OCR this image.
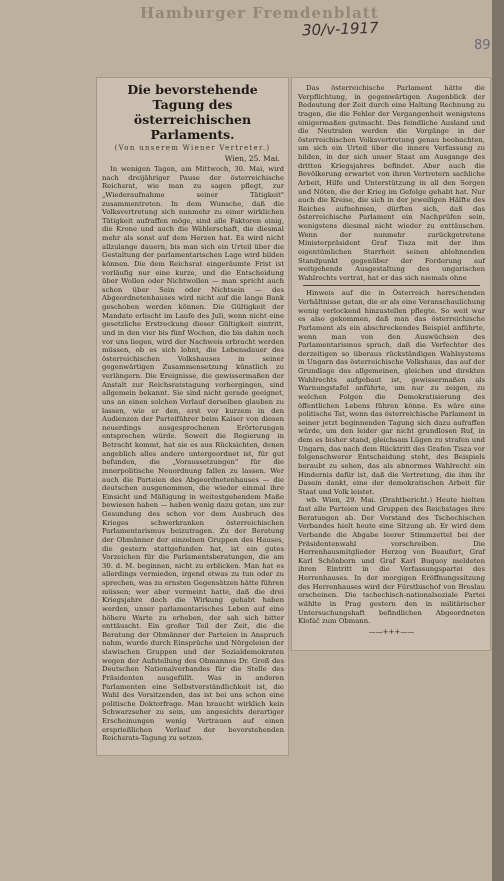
Hamburger Fremdenblatt
30/v-1917
89
Die bevorstehende Tagung des österreichischen Parlaments.
(Von unserem Wiener Vertreter.)
Wien, 25. Mai.

In wenigen Tagen, am Mittwoch, 30. Mai, wird nach dreijähriger Pause der österreichische Reichsrat, wie man zu sagen pflegt, zur „Wiederaufnahme seiner Tätigkeit" zusammentreten. In dem Wunsche, daß die Volksvertretung sich nunmehr zu einer wirklichen Tätigkeit aufraffen möge, sind alle Faktoren einig, die Krone und auch die Wählerschaft, die diesmal mehr als sonst auf dem Herzen hat. Es wird nicht allzulange dauern, bis man sich ein Urteil über die Gestaltung der parlamentarischen Lage wird bilden können. Die dem Reichsrat eingeräumte Frist ist vorläufig nur eine kurze, und die Entscheidung über Wollen oder Nichtwollen — man spricht auch schon über Sein oder Nichtsein — des Abgeordnetenhauses wird nicht auf die lange Bank geschoben werden können. Die Gültigkeit der Mandate erlischt im Laufe des Juli, wenn nicht eine gesetzliche Erstreckung dieser Gültigkeit eintritt, und in den vier bis fünf Wochen, die bis dahin noch vor uns liegen, wird der Nachweis erbracht werden müssen, ob es sich lohnt, die Lebensdauer des österreichischen Volkshauses in seiner gegenwärtigen Zusammensetzung künstlich zu verlängern. Die Ereignisse, die gewissermaßen der Anstalt zur Reichsratstagung vorhergingen, sind allgemein bekannt. Sie sind nicht gerade geeignet, uns an einen solchen Verlauf derselben glauben zu lassen, wie er den, erst vor kurzem in den Audienzen der Parteiführer beim Kaiser von diesen neuerdings ausgesprochenen Erörterungen entsprechen würde. Soweit die Regierung in Betracht kommt, hat sie es aus Rücksichten, denen angeblich alles andere untergeordnet ist, für gut befunden, die „Voraussetzungen" für die innerpolitische Neuordnung fallen zu lassen. Wer auch die Parteien des Abgeordnetenhauses — die deutschen ausgenommen, die wieder einmal ihre Einsicht und Mäßigung in weitestgehendem Maße bewiesen haben — haben wenig dazu getan, um zur Gesundung des schon vor dem Ausbruch des Krieges schwerkranken österreichischen Parlamentarismus beizutragen. Zu der Beratung der Obmänner der einzelnen Gruppen des Hauses, die gestern stattgefunden hat, ist ein gutes Vorzeichen für die Parlamentsberatungen, die am 30. d. M. beginnen, nicht zu erblicken. Man hat es allerdings vermieden, irgend etwas zu tun oder zu sprechen, was zu ernsten Gegensätzen hätte führen müssen; wer aber vermeint hatte, daß die drei Kriegsjahre doch die Wirkung gehabt haben werden, unser parlamentarisches Leben auf eine höhere Warte zu erheben, der sah sich bitter enttäuscht. Ein großer Teil der Zeit, die die Beratung der Obmänner der Parteien in Anspruch nahm, wurde durch Einsprüche und Nörgeleien der slawischen Gruppen und der Sozialdemokraten wegen der Aufstellung des Obmannes Dr. Groß des Deutschen Nationalverbandes für die Stelle des Präsidenten ausgefüllt. Was in anderen Parlamenten eine Selbstverständlichkeit ist, die Wahl des Vorsitzenden, das ist bei uns schon eine politische Doktorfrage. Man braucht wirklich kein Schwarzseher zu sein, um angesichts derartiger Erscheinungen wenig Vertrauen auf einen ersprießlichen Verlauf der bevorstehenden Reichsrats-Tagung zu setzen.

Das österreichische Parlament hätte die Verpflichtung, in gegenwärtigen Augenblick der Bedeutung der Zeit durch eine Haltung Rechnung zu tragen, die die Fehler der Vergangenheit wenigstens einigermaßen gutmacht. Das feindliche Ausland und die Neutralen werden die Vorgänge in der österreichischen Volksvertretung genau beobachten, um sich ein Urteil über die innere Verfassung zu bilden, in der sich unser Staat am Ausgange des dritten Kriegsjahres befindet. Aber auch die Bevölkerung erwartet von ihren Vertretern sachliche Arbeit, Hilfe und Unterstützung in all den Sorgen und Nöten, die der Krieg im Gefolge gehabt hat. Nur auch die Kreise, die sich in der jeweiligen Hälfte des Reiches aufnehmen, dürften sich, daß das österreichische Parlament ein Nachprüfen sein, wenigstens diesmal nicht wieder zu enttäuschen. Wenn der nunmehr zurückgetretene Ministerpräsident Graf Tisza mit der ihm eigentümlichen Starrheit seinen ablehnenden Standpunkt gegenüber der Forderung auf weitgehende Ausgestaltung des ungarischen Wahlrechts vertrat, hat er das sich niemals ohne

Hinweis auf die in Österreich herrschenden Verhältnisse getan, die er als eine Veranschaulichung wenig verlockend hinzustellen pflegte. So weit war es also gekommen, daß man das österreichische Parlament als ein abschreckendes Beispiel anführte, wenn man von den Auswüchsen des Parlamentarismus sprach, daß die Verfechter des derzeitigen so überaus rückständigen Wahlsystems in Ungarn das österreichische Volkshaus, das auf der Grundlage des allgemeinen, gleichen und direkten Wahlrechts aufgebaut ist, gewissermaßen als Warnungstafel anführte, um nur zu zeigen, zu welchen Folgen die Demokratisierung des öffentlichen Lebens führen könne. Es wäre eine politische Tat, wenn das österreichische Parlament in seiner jetzt beginnenden Tagung sich dazu aufraffen würde, um den leider gar nicht grundlosen Ruf, in dem es bisher stand, gleichsam Lügen zu strafen und Ungarn, das nach dem Rücktritt des Grafen Tisza vor folgenschwerer Entscheidung steht, des Beispiels beraubt zu sehen, das als abnormes Wahlrecht ein Hindernis dafür ist, daß die Vertretung, die ihm ihr Dasein dankt, eine der demokratischen Arbeit für Staat und Volk leistet.

wb. Wien, 29. Mai. (Drahtbericht.) Heute hielten fast alle Parteien und Gruppen des Reichstages ihre Beratungen ab. Der Vorstand des Tschechischen Verbandes hielt heute eine Sitzung ab. Er wird dem Verbande die Abgabe leerer Stimmzettel bei der Präsidentenwahl vorschreiben. Die Herrenhausmitglieder Herzog von Beaufort, Graf Karl Schönborn und Graf Karl Buquoy meldeten ihren Eintritt in die Verfassungspartei des Herrenhauses. In der morgigen Eröffnungssitzung des Herrenhauses wird der Fürstbischof von Breslau erscheinen. Die tschechisch-nationalsoziale Partei wählte in Prag gestern den in militärischer Untersuchungshaft befindlichen Abgeordneten Klofáč zum Obmann.

——+++——
